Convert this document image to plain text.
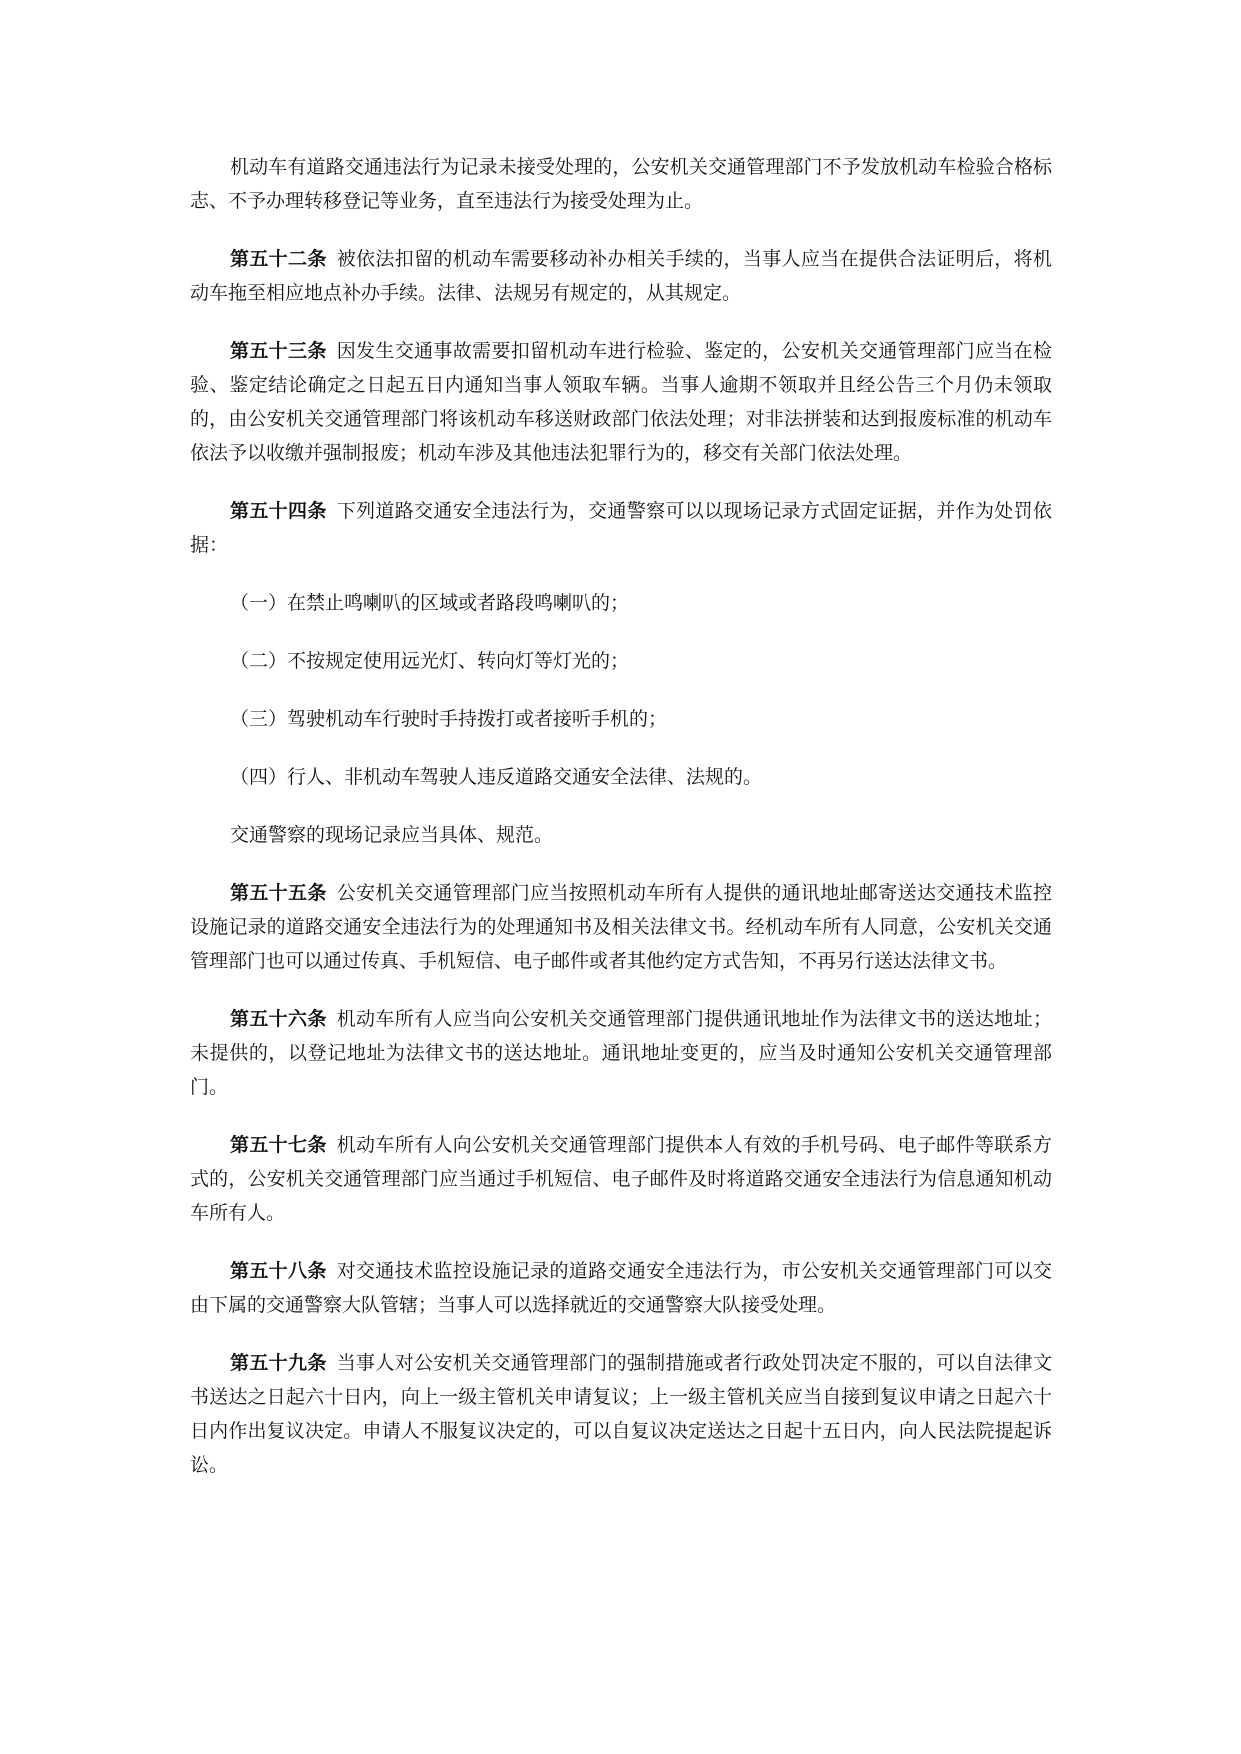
机动车有道路交通违法行为记录未接受处理的，公安机关交通管理部门不予发放机动车检验合格标志、不予办理转移登记等业务，直至违法行为接受处理为止。

第五十二条 被依法扣留的机动车需要移动补办相关手续的，当事人应当在提供合法证明后，将机动车拖至相应地点补办手续。法律、法规另有规定的，从其规定。

第五十三条 因发生交通事故需要扣留机动车进行检验、鉴定的，公安机关交通管理部门应当在检验、鉴定结论确定之日起五日内通知当事人领取车辆。当事人逾期不领取并且经公告三个月仍未领取的，由公安机关交通管理部门将该机动车移送财政部门依法处理；对非法拼装和达到报废标准的机动车依法予以收缴并强制报废；机动车涉及其他违法犯罪行为的，移交有关部门依法处理。

第五十四条 下列道路交通安全违法行为，交通警察可以以现场记录方式固定证据，并作为处罚依据：

（一）在禁止鸣喇叭的区域或者路段鸣喇叭的；

（二）不按规定使用远光灯、转向灯等灯光的；

（三）驾驶机动车行驶时手持拨打或者接听手机的；

（四）行人、非机动车驾驶人违反道路交通安全法律、法规的。

交通警察的现场记录应当具体、规范。

第五十五条 公安机关交通管理部门应当按照机动车所有人提供的通讯地址邮寄送达交通技术监控设施记录的道路交通安全违法行为的处理通知书及相关法律文书。经机动车所有人同意，公安机关交通管理部门也可以通过传真、手机短信、电子邮件或者其他约定方式告知，不再另行送达法律文书。

第五十六条 机动车所有人应当向公安机关交通管理部门提供通讯地址作为法律文书的送达地址；未提供的，以登记地址为法律文书的送达地址。通讯地址变更的，应当及时通知公安机关交通管理部门。

第五十七条 机动车所有人向公安机关交通管理部门提供本人有效的手机号码、电子邮件等联系方式的，公安机关交通管理部门应当通过手机短信、电子邮件及时将道路交通安全违法行为信息通知机动车所有人。

第五十八条 对交通技术监控设施记录的道路交通安全违法行为，市公安机关交通管理部门可以交由下属的交通警察大队管辖；当事人可以选择就近的交通警察大队接受处理。

第五十九条 当事人对公安机关交通管理部门的强制措施或者行政处罚决定不服的，可以自法律文书送达之日起六十日内，向上一级主管机关申请复议；上一级主管机关应当自接到复议申请之日起六十日内作出复议决定。申请人不服复议决定的，可以自复议决定送达之日起十五日内，向人民法院提起诉讼。
